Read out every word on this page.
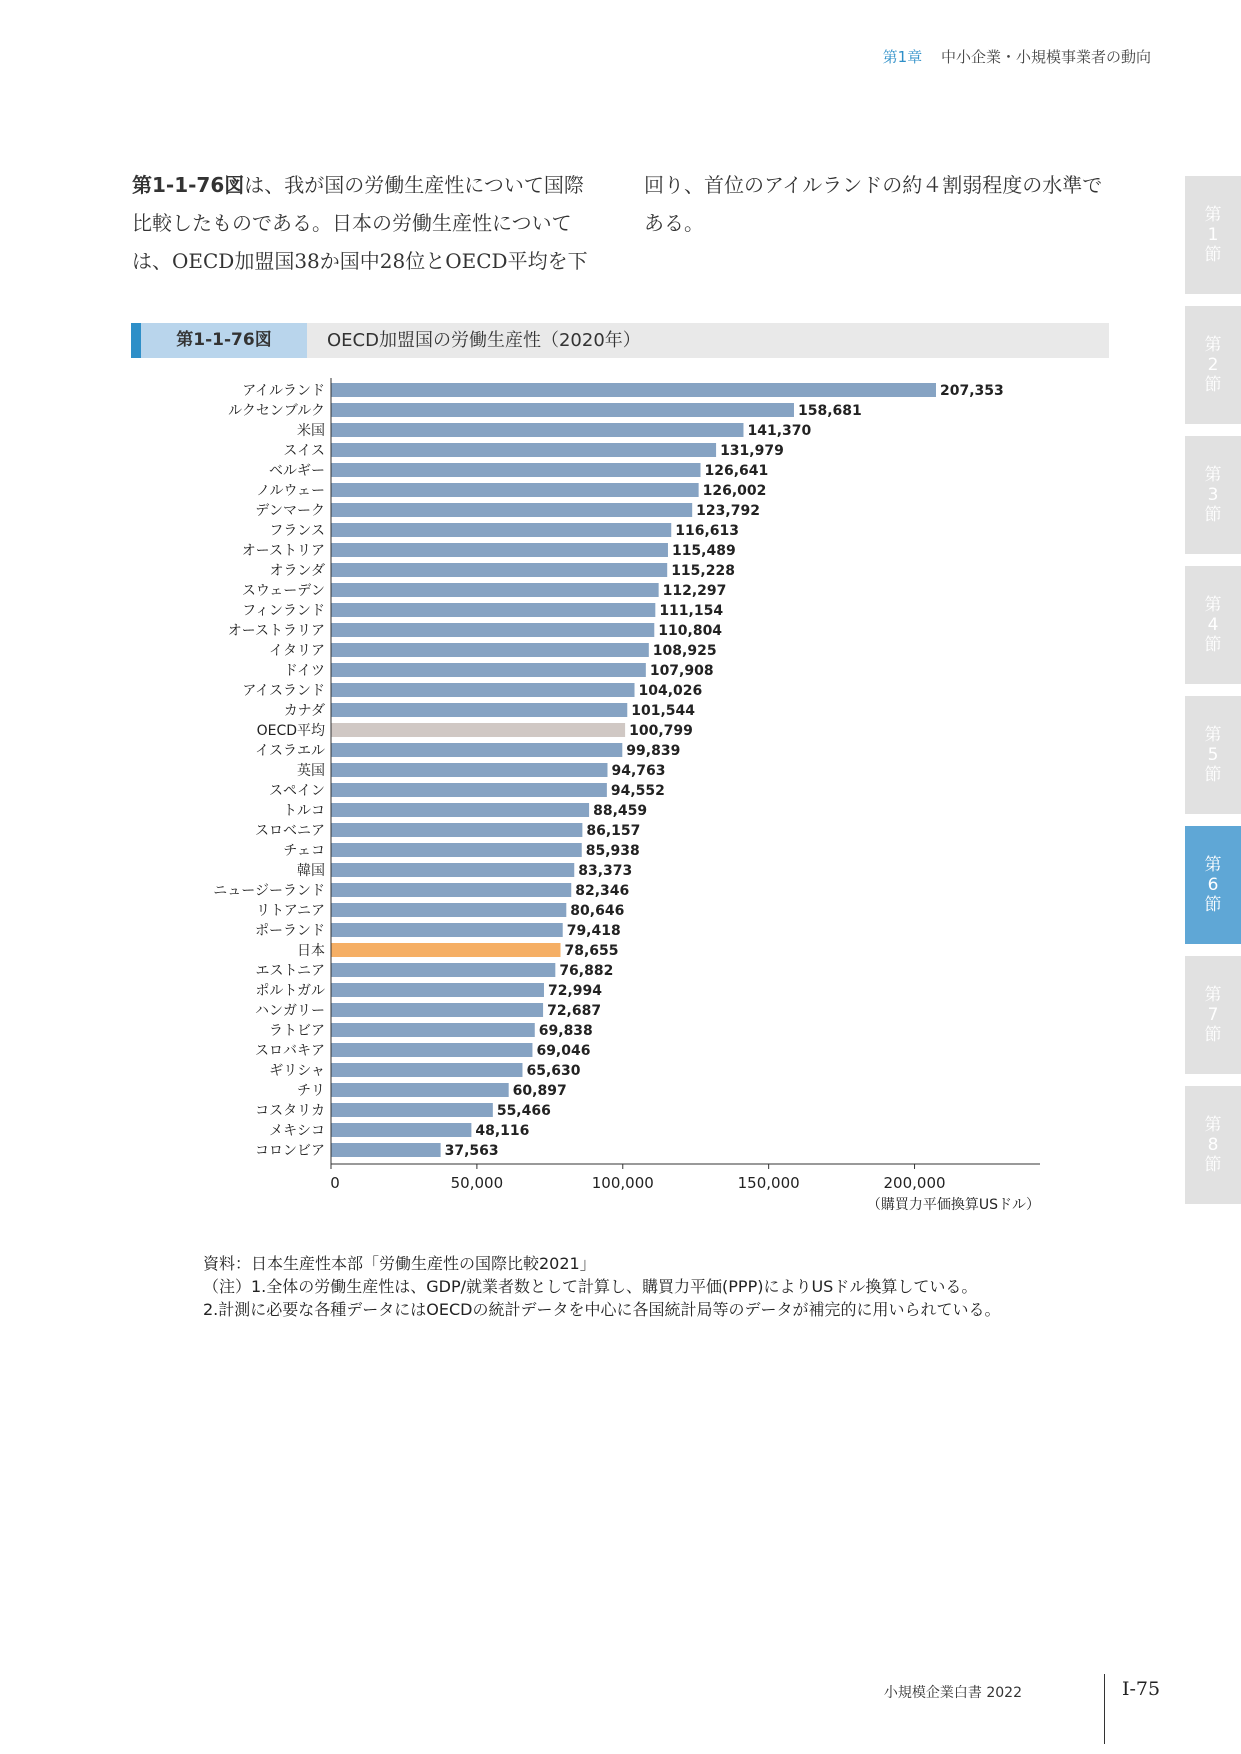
第1章 中小企業・小規模事業者の動向
第1-1-76図は、我が国の労働生産性について国際比較したものである。日本の労働生産性については、OECD加盟国38か国中28位とOECD平均を下回り、首位のアイルランドの約４割弱程度の水準である。
第1-1-76図	OECD加盟国の労働生産性（2020年）
アイルランド	207,353
ルクセンブルク	158,681
米国	141,370
スイス	131,979
ベルギー	126,641
ノルウェー	126,002
デンマーク	123,792
フランス	116,613
オーストリア	115,489
オランダ	115,228
スウェーデン	112,297
フィンランド	111,154
オーストラリア	110,804
イタリア	108,925
ドイツ	107,908
アイスランド	104,026
カナダ	101,544
OECD平均	100,799
イスラエル	99,839
英国	94,763
スペイン	94,552
トルコ	88,459
スロベニア	86,157
チェコ	85,938
韓国	83,373
ニュージーランド	82,346
リトアニア	80,646
ポーランド	79,418
日本	78,655
エストニア	76,882
ポルトガル	72,994
ハンガリー	72,687
ラトビア	69,838
スロバキア	69,046
ギリシャ	65,630
チリ	60,897
コスタリカ	55,466
メキシコ	48,116
コロンビア	37,563
0	50,000	100,000	150,000	200,000
（購買力平価換算USドル）
資料：日本生産性本部「労働生産性の国際比較2021」
（注）1.全体の労働生産性は、GDP/就業者数として計算し、購買力平価(PPP)によりUSドル換算している。
2.計測に必要な各種データにはOECDの統計データを中心に各国統計局等のデータが補完的に用いられている。
第1節
第2節
第3節
第4節
第5節
第6節
第7節
第8節
小規模企業白書 2022	Ⅰ-75
